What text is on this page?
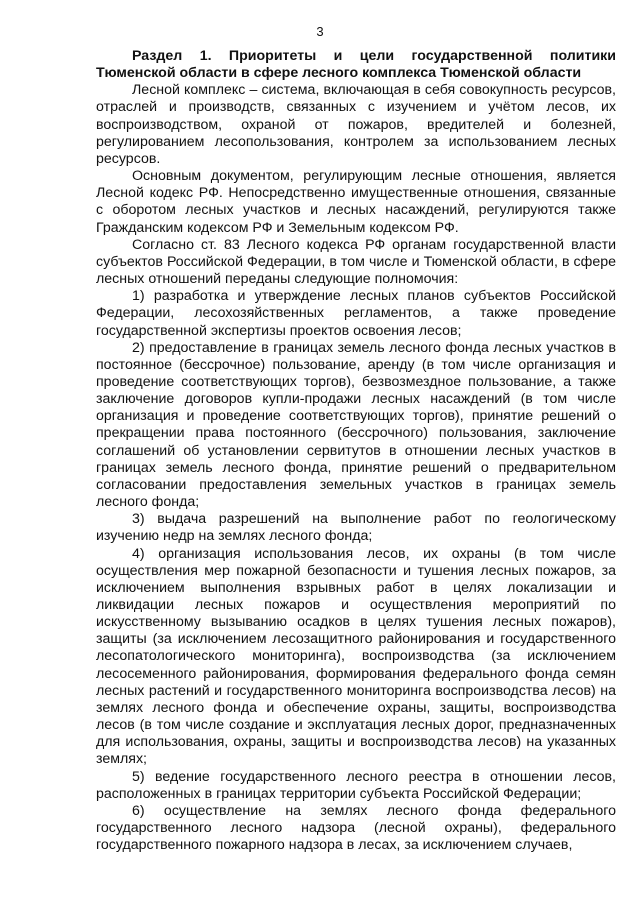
3

Раздел 1. Приоритеты и цели государственной политики Тюменской области в сфере лесного комплекса Тюменской области

Лесной комплекс – система, включающая в себя совокупность ресурсов, отраслей и производств, связанных с изучением и учётом лесов, их воспроизводством, охраной от пожаров, вредителей и болезней, регулированием лесопользования, контролем за использованием лесных ресурсов.

Основным документом, регулирующим лесные отношения, является Лесной кодекс РФ. Непосредственно имущественные отношения, связанные с оборотом лесных участков и лесных насаждений, регулируются также Гражданским кодексом РФ и Земельным кодексом РФ.

Согласно ст. 83 Лесного кодекса РФ органам государственной власти субъектов Российской Федерации, в том числе и Тюменской области, в сфере лесных отношений переданы следующие полномочия:

1) разработка и утверждение лесных планов субъектов Российской Федерации, лесохозяйственных регламентов, а также проведение государственной экспертизы проектов освоения лесов;

2) предоставление в границах земель лесного фонда лесных участков в постоянное (бессрочное) пользование, аренду (в том числе организация и проведение соответствующих торгов), безвозмездное пользование, а также заключение договоров купли-продажи лесных насаждений (в том числе организация и проведение соответствующих торгов), принятие решений о прекращении права постоянного (бессрочного) пользования, заключение соглашений об установлении сервитутов в отношении лесных участков в границах земель лесного фонда, принятие решений о предварительном согласовании предоставления земельных участков в границах земель лесного фонда;

3) выдача разрешений на выполнение работ по геологическому изучению недр на землях лесного фонда;

4) организация использования лесов, их охраны (в том числе осуществления мер пожарной безопасности и тушения лесных пожаров, за исключением выполнения взрывных работ в целях локализации и ликвидации лесных пожаров и осуществления мероприятий по искусственному вызыванию осадков в целях тушения лесных пожаров), защиты (за исключением лесозащитного районирования и государственного лесопатологического мониторинга), воспроизводства (за исключением лесосеменного районирования, формирования федерального фонда семян лесных растений и государственного мониторинга воспроизводства лесов) на землях лесного фонда и обеспечение охраны, защиты, воспроизводства лесов (в том числе создание и эксплуатация лесных дорог, предназначенных для использования, охраны, защиты и воспроизводства лесов) на указанных землях;

5) ведение государственного лесного реестра в отношении лесов, расположенных в границах территории субъекта Российской Федерации;

6) осуществление на землях лесного фонда федерального государственного лесного надзора (лесной охраны), федерального государственного пожарного надзора в лесах, за исключением случаев,
